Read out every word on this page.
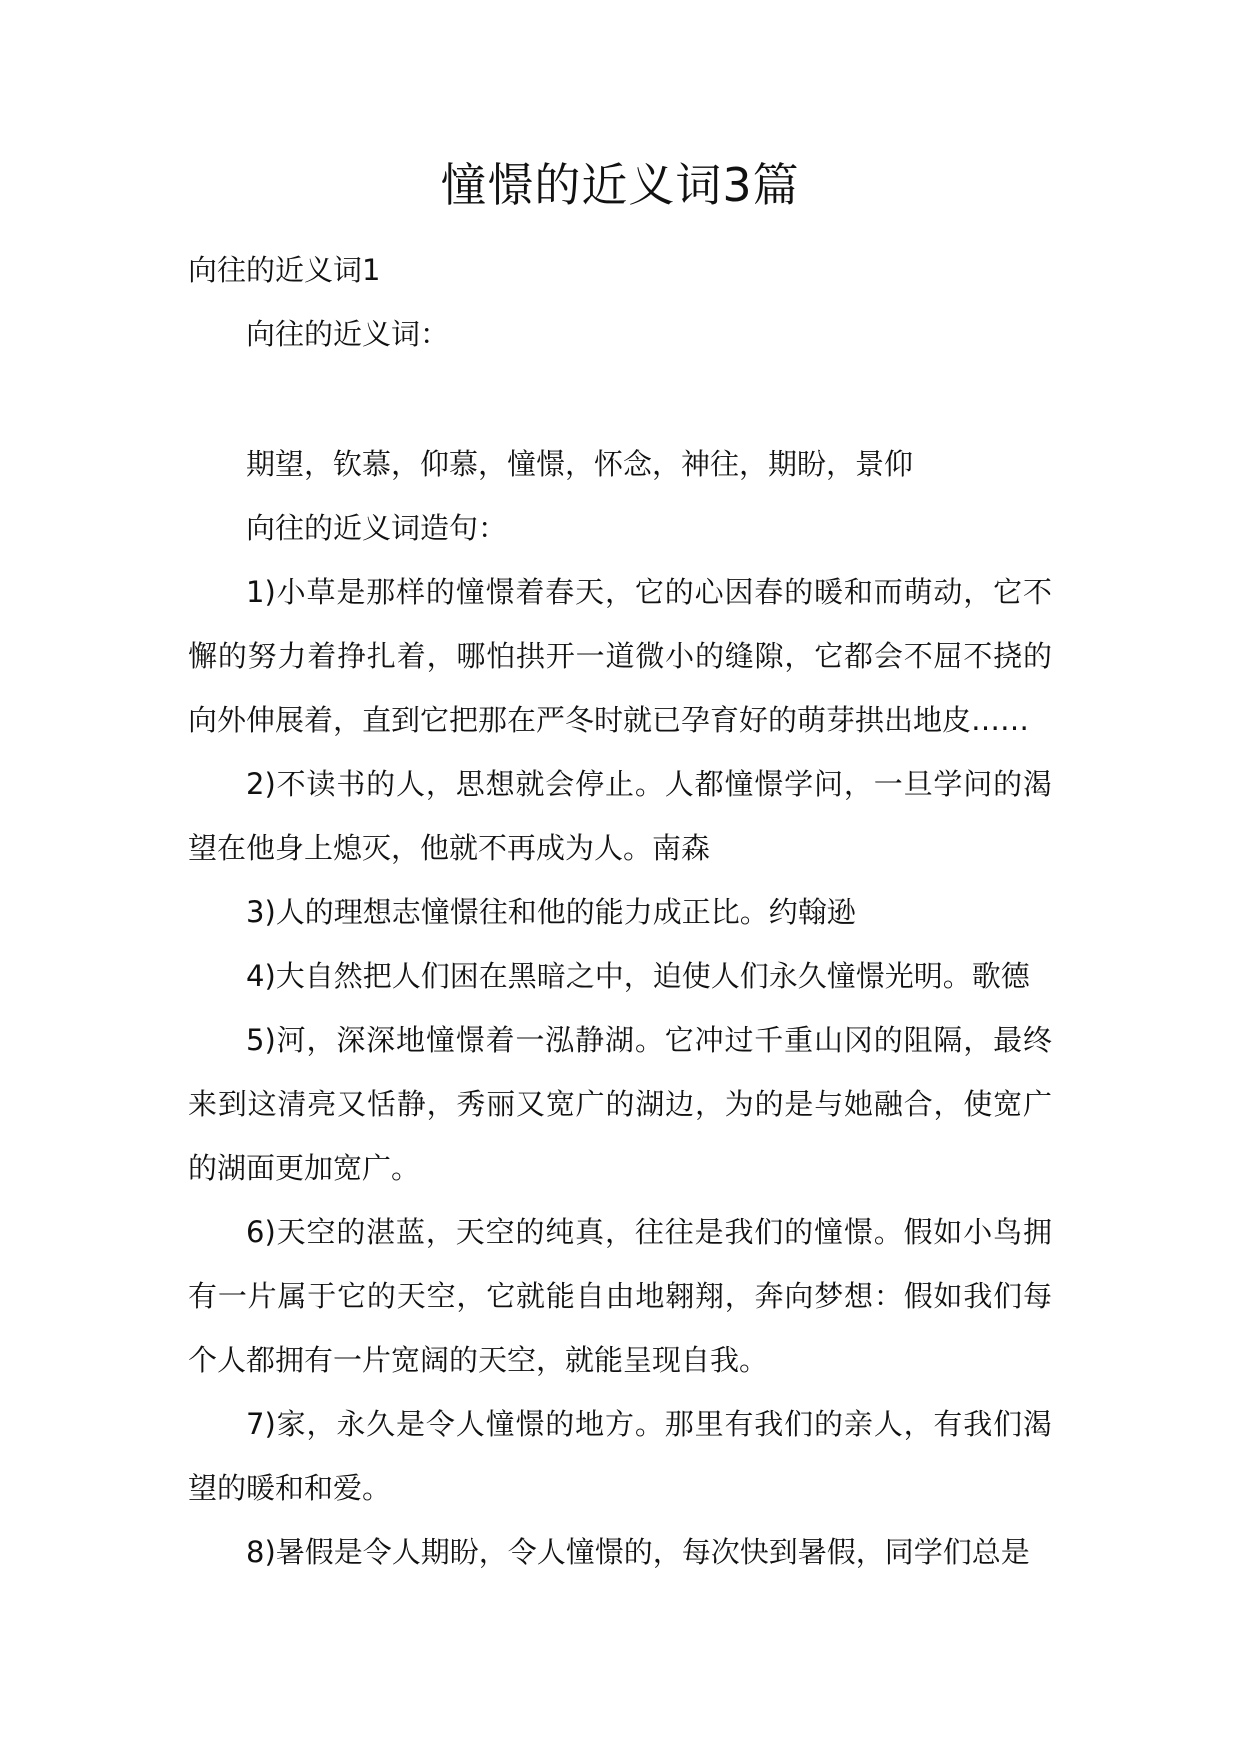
憧憬的近义词3篇

向往的近义词1

向往的近义词：

期望，钦慕，仰慕，憧憬，怀念，神往，期盼，景仰

向往的近义词造句：

1)小草是那样的憧憬着春天，它的心因春的暖和而萌动，它不懈的努力着挣扎着，哪怕拱开一道微小的缝隙，它都会不屈不挠的向外伸展着，直到它把那在严冬时就已孕育好的萌芽拱出地皮……

2)不读书的人，思想就会停止。人都憧憬学问，一旦学问的渴望在他身上熄灭，他就不再成为人。南森

3)人的理想志憧憬往和他的能力成正比。约翰逊

4)大自然把人们困在黑暗之中，迫使人们永久憧憬光明。歌德

5)河，深深地憧憬着一泓静湖。它冲过千重山冈的阻隔，最终来到这清亮又恬静，秀丽又宽广的湖边，为的是与她融合，使宽广的湖面更加宽广。

6)天空的湛蓝，天空的纯真，往往是我们的憧憬。假如小鸟拥有一片属于它的天空，它就能自由地翱翔，奔向梦想：假如我们每个人都拥有一片宽阔的天空，就能呈现自我。

7)家，永久是令人憧憬的地方。那里有我们的亲人，有我们渴望的暖和和爱。

8)暑假是令人期盼，令人憧憬的，每次快到暑假，同学们总是
